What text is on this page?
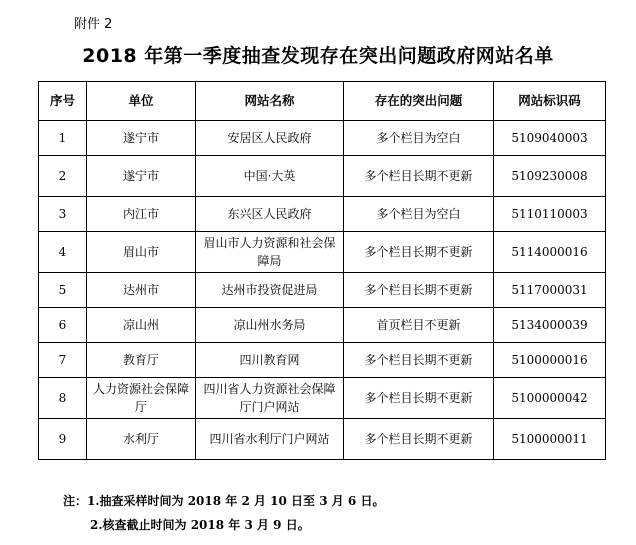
附件 2
2018 年第一季度抽查发现存在突出问题政府网站名单
序号	单位	网站名称	存在的突出问题	网站标识码
1	遂宁市	安居区人民政府	多个栏目为空白	5109040003
2	遂宁市	中国·大英	多个栏目长期不更新	5109230008
3	内江市	东兴区人民政府	多个栏目为空白	5110110003
4	眉山市	眉山市人力资源和社会保障局	多个栏目长期不更新	5114000016
5	达州市	达州市投资促进局	多个栏目长期不更新	5117000031
6	凉山州	凉山州水务局	首页栏目不更新	5134000039
7	教育厅	四川教育网	多个栏目长期不更新	5100000016
8	人力资源社会保障厅	四川省人力资源社会保障厅门户网站	多个栏目长期不更新	5100000042
9	水利厅	四川省水利厅门户网站	多个栏目长期不更新	5100000011
注：1.抽查采样时间为 2018 年 2 月 10 日至 3 月 6 日。
2.核查截止时间为 2018 年 3 月 9 日。
